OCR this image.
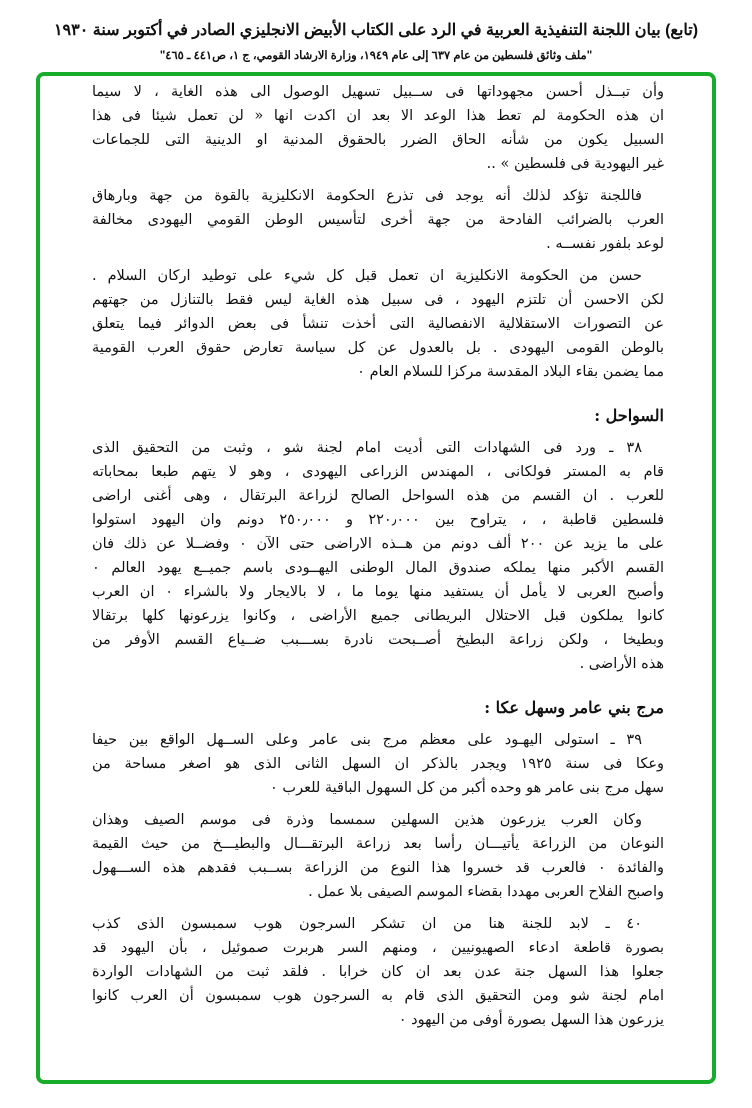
(تابع) بيان اللجنة التنفيذية العربية في الرد على الكتاب الأبيض الانجليزي الصادر في أكتوبر سنة ١٩٣٠
"ملف وثائق فلسطين من عام ٦٣٧ إلى عام ١٩٤٩، وزارة الارشاد القومي، ج ١، ص٤٤١ ـ ٤٦٥"
وأن تبــذل أحسن مجهوداتها فى ســبيل تسهيل الوصول الى هذه الغاية ، لا سيما
ان هذه الحكومة لم تعط هذا الوعد الا بعد ان اكدت انها « لن تعمل شيئا فى هذا
السبيل يكون من شأنه الحاق الضرر بالحقوق المدنية او الدينية التى للجماعات
غير اليهودية فى فلسطين » ..
فاللجنة تؤكد لذلك أنه يوجد فى تذرع الحكومة الانكليزية بالقوة من جهة وبارهاق
العرب بالضرائب الفادحة من جهة أخرى لتأسيس الوطن القومي اليهودى مخالفة
لوعد بلفور نفســه .
حسن من الحكومة الانكليزية ان تعمل قبل كل شيء على توطيد اركان السلام .
لكن الاحسن أن تلتزم اليهود ، فى سبيل هذه الغاية ليس فقط بالتنازل من جهتهم
عن التصورات الاستقلالية الانفصالية التى أخذت تنشأ فى بعض الدوائر فيما يتعلق
بالوطن القومى اليهودى . بل بالعدول عن كل سياسة تعارض حقوق العرب القومية
مما يضمن بقاء البلاد المقدسة مركزا للسلام العام ٠
السواحل :
٣٨ ـ ورد فى الشهادات التى أديت امام لجنة شو ، وثبت من التحقيق الذى
قام به المستر فولكانى ، المهندس الزراعى اليهودى ، وهو لا يتهم طبعا بمحاباته
للعرب . ان القسم من هذه السواحل الصالح لزراعة البرتقال ، وهى أغنى اراضى
فلسطين قاطبة ، ، يتراوح بين ٢٢٠٫٠٠٠ و ٢٥٠٫٠٠٠ دونم وان اليهود استولوا
على ما يزيد عن ٢٠٠ ألف دونم من هــذه الاراضى حتى الآن ٠ وفضــلا عن ذلك فان
القسم الأكبر منها يملكه صندوق المال الوطنى اليهــودى باسم جميــع يهود العالم ٠
وأصبح العربى لا يأمل أن يستفيد منها يوما ما ، لا بالايجار ولا بالشراء ٠ ان العرب
كانوا يملكون قبل الاحتلال البريطانى جميع الأراضى ، وكانوا يزرعونها كلها برتقالا
وبطيخا ، ولكن زراعة البطيخ أصــبحت نادرة بســـبب ضــياع القسم الأوفر من
هذه الأراضى .
مرج بني عامر وسهل عكا :
٣٩ ـ استولى اليهـود على معظم مرج بنى عامر وعلى الســهل الواقع بين حيفا
وعكا فى سنة ١٩٢٥ ويجدر بالذكر ان السهل الثانى الذى هو اصغر مساحة من
سهل مرج بنى عامر هو وحده أكبر من كل السهول الباقية للعرب ٠
وكان العرب يزرعون هذين السهلين سمسما وذرة فى موسم الصيف وهذان
النوعان من الزراعة يأتيـــان رأسا بعد زراعة البرتقـــال والبطيـــخ من حيث القيمة
والفائدة ٠ فالعرب قد خسروا هذا النوع من الزراعة بســبب فقدهم هذه الســـهول
واصبح الفلاح العربى مهددا بقضاء الموسم الصيفى بلا عمل .
٤٠ ـ لابد للجنة هنا من ان تشكر السرجون هوب سمبسون الذى كذب
بصورة قاطعة ادعاء الصهيونيين ، ومنهم السر هربرت صموئيل ، بأن اليهود قد
جعلوا هذا السهل جنة عدن بعد ان كان خرابا . فلقد ثبت من الشهادات الواردة
امام لجنة شو ومن التحقيق الذى قام به السرجون هوب سمبسون أن العرب كانوا
يزرعون هذا السهل بصورة أوفى من اليهود ٠
